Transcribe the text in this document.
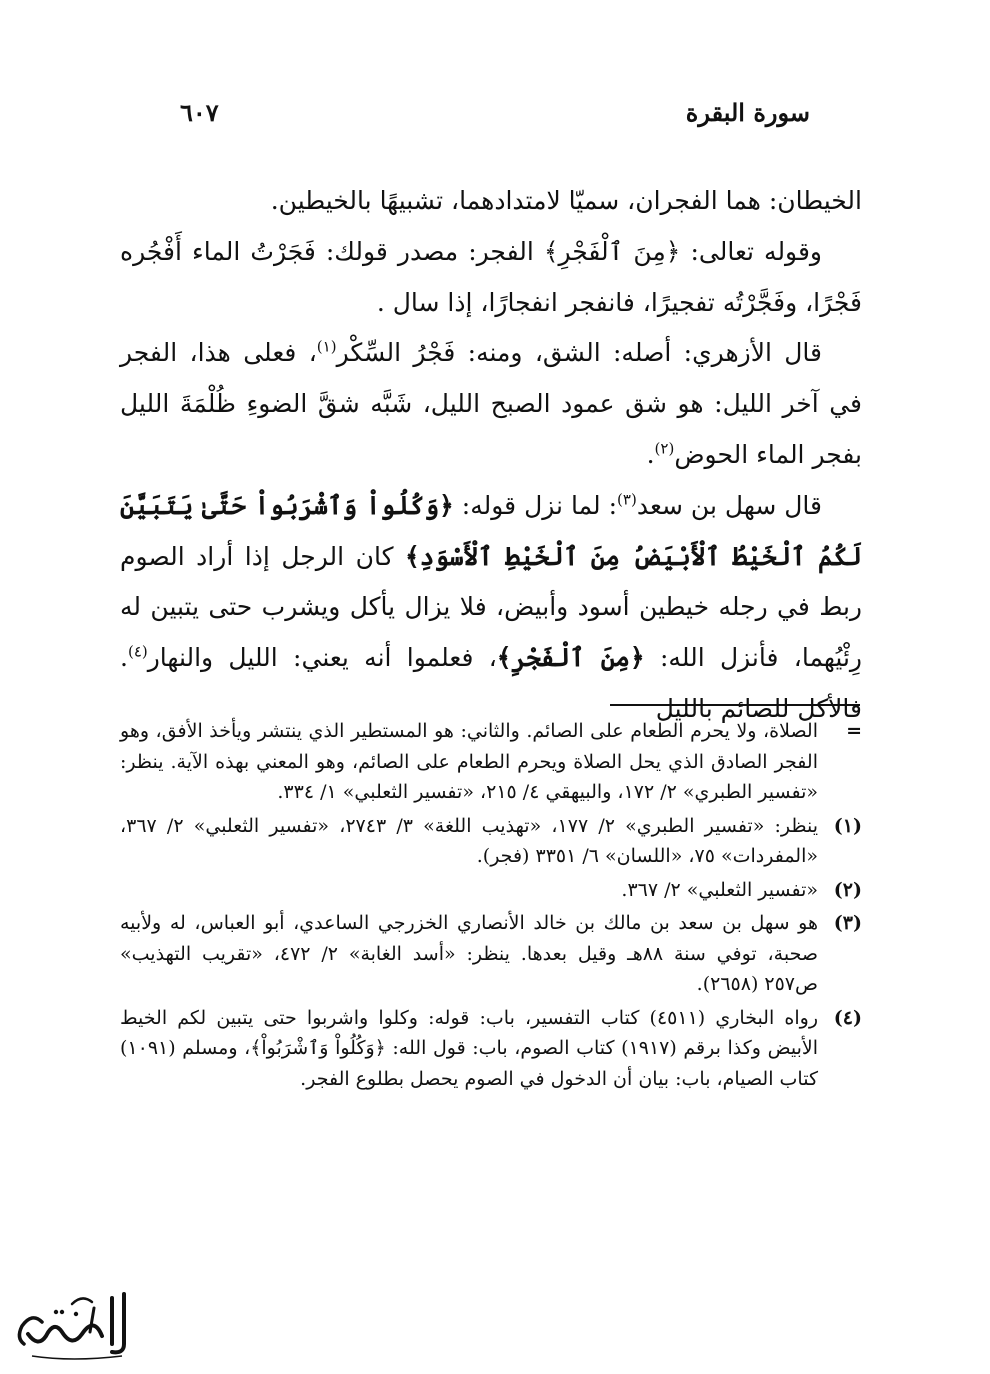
سورة البقرة
٦٠٧

الخيطان: هما الفجران، سميّا لامتدادهما، تشبيهًا بالخيطين.

وقوله تعالى: ﴿مِنَ ٱلْفَجْرِ﴾ الفجر: مصدر قولك: فَجَرْتُ الماء أَفْجُره فَجْرًا، وفَجَّرْتُه تفجيرًا، فانفجر انفجارًا، إذا سال .

قال الأزهري: أصله: الشق، ومنه: فَجْرُ السِّكْر$^{(١)}$، فعلى هذا، الفجر في آخر الليل: هو شق عمود الصبح الليل، شَبَّه شقَّ الضوءِ ظُلْمَةَ الليل بفجر الماء الحوض$^{(٢)}$.

قال سهل بن سعد$^{(٣)}$: لما نزل قوله: ﴿وَكُلُواْ وَٱشْرَبُواْ حَتَّىٰ يَتَبَيَّنَ لَكُمُ ٱلْخَيْطُ ٱلْأَبْيَضُ مِنَ ٱلْخَيْطِ ٱلْأَسْوَدِ﴾ كان الرجل إذا أراد الصوم ربط في رجله خيطين أسود وأبيض، فلا يزال يأكل ويشرب حتى يتبين له رِئْيُهما، فأنزل الله: ﴿مِنَ ٱلْفَجْرِ﴾، فعلموا أنه يعني: الليل والنهار$^{(٤)}$. فالأكل للصائم بالليل

=
الصلاة، ولا يحرم الطعام على الصائم. والثاني: هو المستطير الذي ينتشر ويأخذ الأفق، وهو الفجر الصادق الذي يحل الصلاة ويحرم الطعام على الصائم، وهو المعني بهذه الآية. ينظر: «تفسير الطبري» ٢/ ١٧٢، والبيهقي ٤/ ٢١٥، «تفسير الثعلبي» ١/ ٣٣٤.
(١)
ينظر: «تفسير الطبري» ٢/ ١٧٧، «تهذيب اللغة» ٣/ ٢٧٤٣، «تفسير الثعلبي» ٢/ ٣٦٧، «المفردات» ٧٥، «اللسان» ٦/ ٣٣٥١ (فجر).
(٢)
«تفسير الثعلبي» ٢/ ٣٦٧.
(٣)
هو سهل بن سعد بن مالك بن خالد الأنصاري الخزرجي الساعدي، أبو العباس، له ولأبيه صحبة، توفي سنة ٨٨هـ وقيل بعدها. ينظر: «أسد الغابة» ٢/ ٤٧٢، «تقريب التهذيب» ص٢٥٧ (٢٦٥٨).
(٤)
رواه البخاري (٤٥١١) كتاب التفسير، باب: قوله: وكلوا واشربوا حتى يتبين لكم الخيط الأبيض وكذا برقم (١٩١٧) كتاب الصوم، باب: قول الله: ﴿وَكُلُواْ وَٱشْرَبُواْ﴾، ومسلم (١٠٩١) كتاب الصيام، باب: بيان أن الدخول في الصوم يحصل بطلوع الفجر.
